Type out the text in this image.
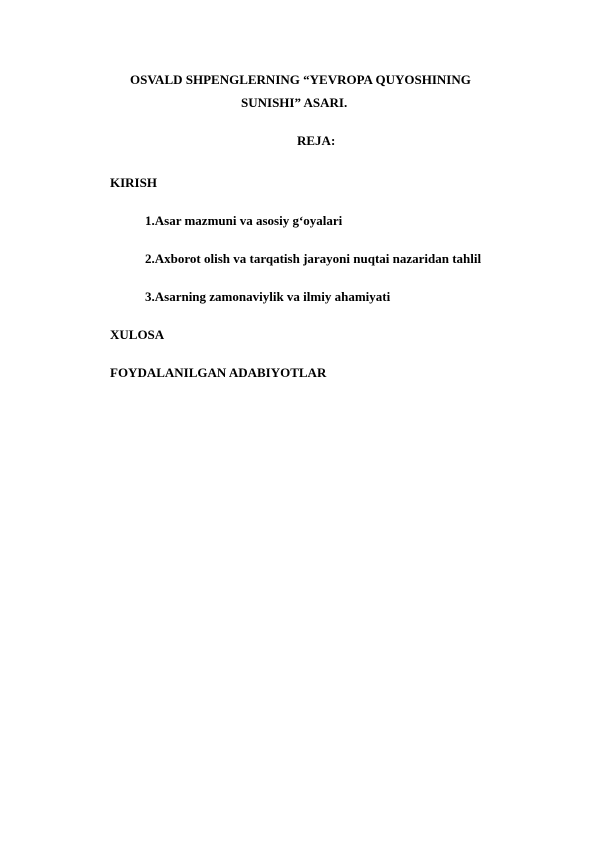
OSVALD SHPENGLERNING “YEVROPA QUYOSHINING
SUNISHI” ASARI.
REJA:
KIRISH
1.Asar mazmuni va asosiy g‘oyalari
2.Axborot olish va tarqatish jarayoni nuqtai nazaridan tahlil
3.Asarning zamonaviylik va ilmiy ahamiyati
XULOSA
FOYDALANILGAN ADABIYOTLAR
